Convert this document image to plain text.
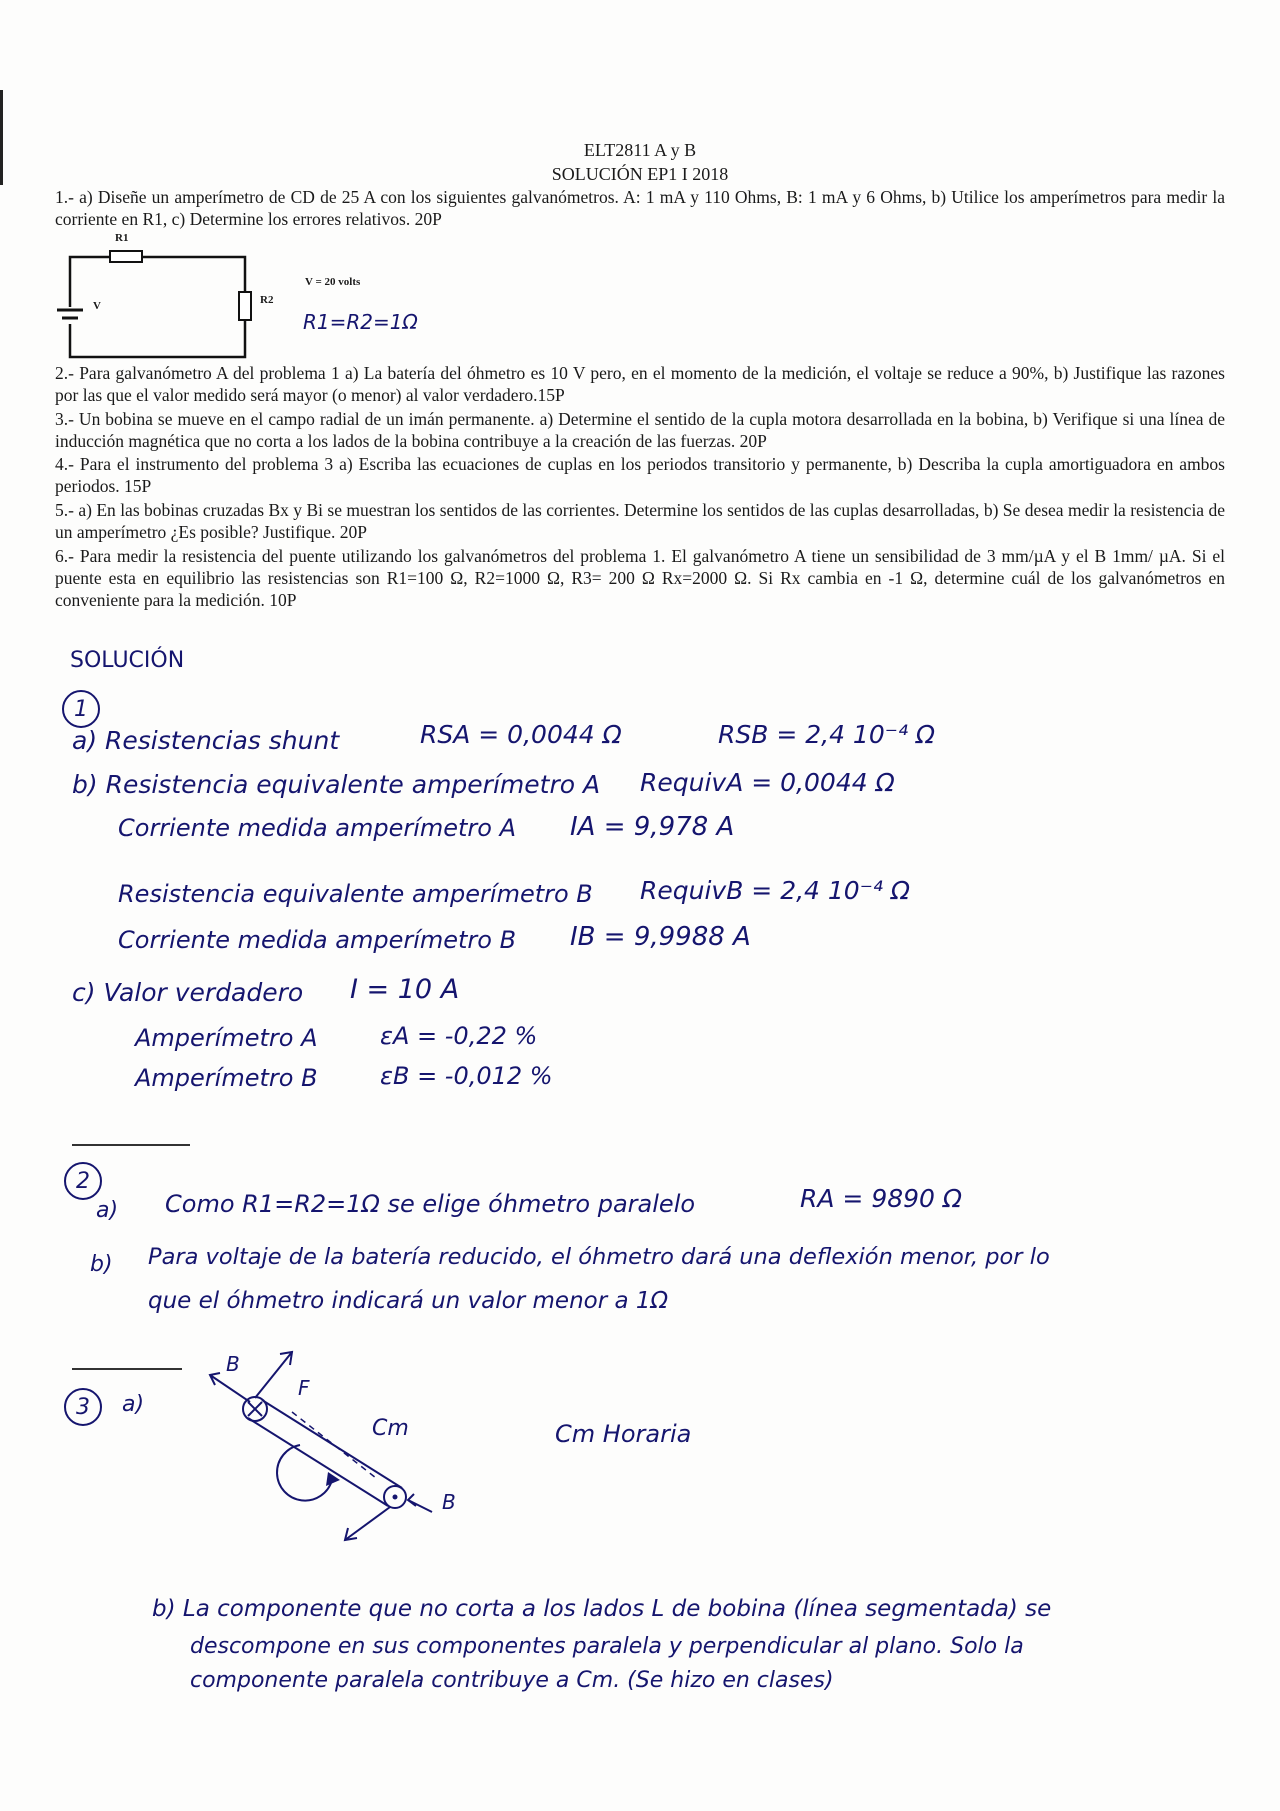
ELT2811 A y B
SOLUCIÓN EP1 I 2018

1.- a) Diseñe un amperímetro de CD de 25 A con los siguientes galvanómetros. A: 1 mA y 110 Ohms, B: 1 mA y 6 Ohms, b) Utilice los amperímetros para medir la corriente en R1, c) Determine los errores relativos. 20P

R1
R2
V
V = 20 volts
R1=R2=1Ω

2.- Para galvanómetro A del problema 1 a) La batería del óhmetro es 10 V pero, en el momento de la medición, el voltaje se reduce a 90%, b) Justifique las razones por las que el valor medido será mayor (o menor) al valor verdadero.15P

3.- Un bobina se mueve en el campo radial de un imán permanente. a) Determine el sentido de la cupla motora desarrollada en la bobina, b) Verifique si una línea de inducción magnética que no corta a los lados de la bobina contribuye a la creación de las fuerzas. 20P

4.- Para el instrumento del problema 3 a) Escriba las ecuaciones de cuplas en los periodos transitorio y permanente, b) Describa la cupla amortiguadora en ambos periodos. 15P

5.- a) En las bobinas cruzadas Bx y Bi se muestran los sentidos de las corrientes. Determine los sentidos de las cuplas desarrolladas, b) Se desea medir la resistencia de un amperímetro ¿Es posible? Justifique. 20P

6.- Para medir la resistencia del puente utilizando los galvanómetros del problema 1. El galvanómetro A tiene un sensibilidad de 3 mm/µA y el B 1mm/ µA. Si el puente esta en equilibrio las resistencias son R1=100 Ω, R2=1000 Ω, R3= 200 Ω Rx=2000 Ω. Si Rx cambia en -1 Ω, determine cuál de los galvanómetros en conveniente para la medición. 10P

SOLUCIÓN
1
a) Resistencias shunt	RSA = 0,0044 Ω	RSB = 2,4 10⁻⁴ Ω
b) Resistencia equivalente amperímetro A RequivA = 0,0044 Ω
Corriente medida amperímetro A IA = 9,978 A
Resistencia equivalente amperímetro B RequivB = 2,4 10⁻⁴ Ω
Corriente medida amperímetro B IB = 9,9988 A
c) Valor verdadero I = 10 A
Amperímetro A	εA = -0,22 %
Amperímetro B	εB = -0,012 %
2
a) Como R1=R2=1Ω se elige óhmetro paralelo	RA = 9890 Ω
b) Para voltaje de la batería reducido, el óhmetro dará una deflexión menor, por lo
que el óhmetro indicará un valor menor a 1Ω
3	a)
B
F
Cm
B
Cm Horaria
b) La componente que no corta a los lados L de bobina (línea segmentada) se
descompone en sus componentes paralela y perpendicular al plano. Solo la
componente paralela contribuye a Cm. (Se hizo en clases)
